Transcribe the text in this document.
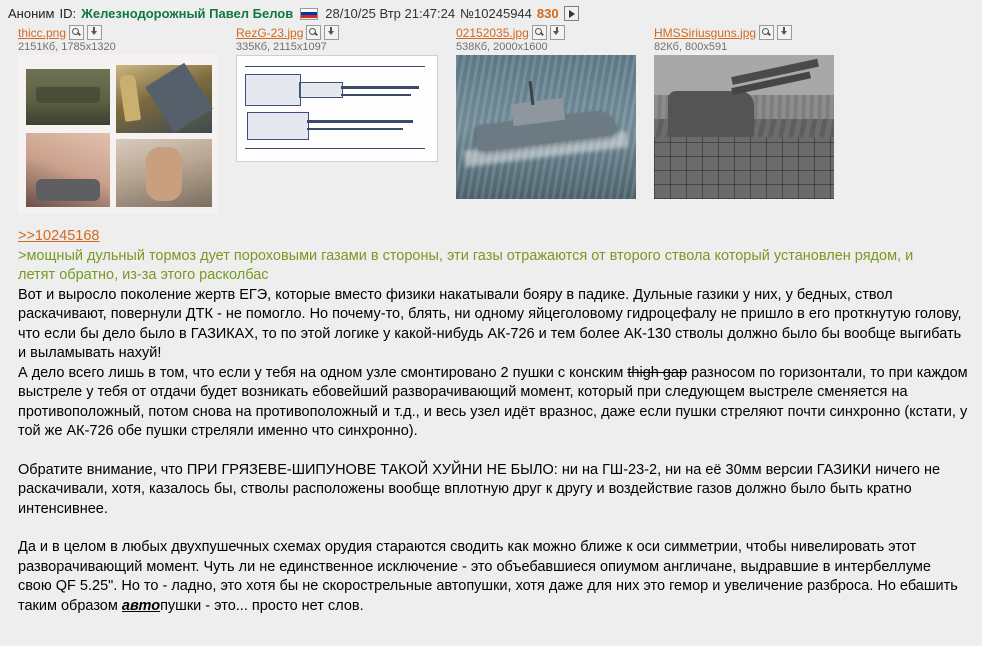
Аноним ID: Железнодорожный Павел Белов 28/10/25 Втр 21:47:24 №10245944 830
thicc.png
2151Кб, 1785x1320
RezG-23.jpg
335Кб, 2115x1097
02152035.jpg
538Кб, 2000x1600
HMSSiriusguns.jpg
82Кб, 800x591
>>10245168
>мощный дульный тормоз дует пороховыми газами в стороны, эти газы отражаются от второго ствола который установлен рядом, и
летят обратно, из-за этого расколбас

Вот и выросло поколение жертв ЕГЭ, которые вместо физики накатывали бояру в падике. Дульные газики у них, у бедных, ствол раскачивают, повернули ДТК - не помогло. Но почему-то, блять, ни одному яйцеголовому гидроцефалу не пришло в его проткнутую голову, что если бы дело было в ГАЗИКАХ, то по этой логике у какой-нибудь АК-726 и тем более АК-130 стволы должно было бы вообще выгибать и выламывать нахуй!

А дело всего лишь в том, что если у тебя на одном узле смонтировано 2 пушки с конским thigh gap разносом по горизонтали, то при каждом выстреле у тебя от отдачи будет возникать ебовейший разворачивающий момент, который при следующем выстреле сменяется на противоположный, потом снова на противоположный и т.д., и весь узел идёт вразнос, даже если пушки стреляют почти синхронно (кстати, у той же АК-726 обе пушки стреляли именно что синхронно).

Обратите внимание, что ПРИ ГРЯЗЕВЕ-ШИПУНОВЕ ТАКОЙ ХУЙНИ НЕ БЫЛО: ни на ГШ-23-2, ни на её 30мм версии ГАЗИКИ ничего не раскачивали, хотя, казалось бы, стволы расположены вообще вплотную друг к другу и воздействие газов должно было быть кратно интенсивнее.

Да и в целом в любых двухпушечных схемах орудия стараются сводить как можно ближе к оси симметрии, чтобы нивелировать этот разворачивающий момент. Чуть ли не единственное исключение - это объебавшиеся опиумом англичане, выдравшие в интербеллуме свою QF 5.25". Но то - ладно, это хотя бы не скорострельные автопушки, хотя даже для них это гемор и увеличение разброса. Но ебашить таким образом автопушки - это... просто нет слов.
